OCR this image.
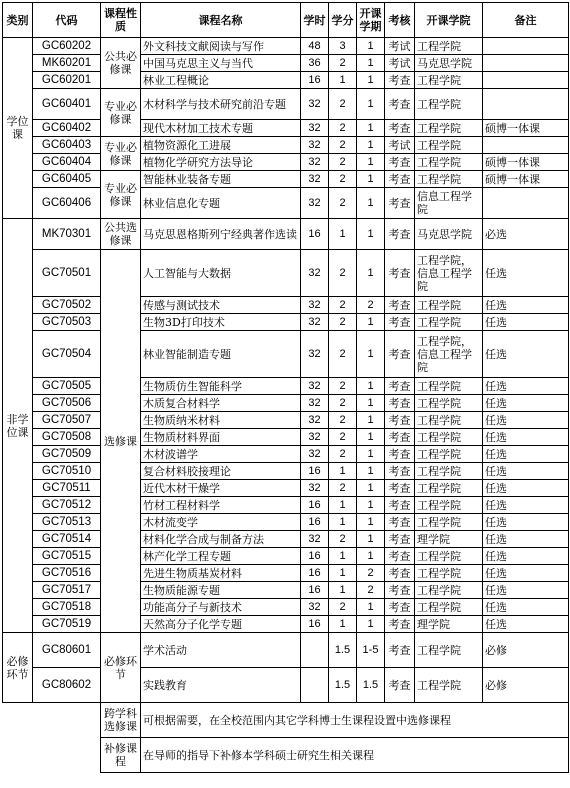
类别	代码	课程性质	课程名称	学时	学分	开课学期	考核	开课学院	备注
学位课	GC60202	公共必修课	外文科技文献阅读与写作	48	3	1	考试	工程学院	
	MK60201		中国马克思主义与当代	36	2	1	考试	马克思学院	
	GC60201		林业工程概论	16	1	1	考查	工程学院	
	GC60401	专业必修课	木材科学与技术研究前沿专题	32	2	1	考查	工程学院	
	GC60402		现代木材加工技术专题	32	2	1	考查	工程学院	硕博一体课
	GC60403	专业必修课	植物资源化工进展	32	2	1	考试	工程学院	
	GC60404		植物化学研究方法导论	32	2	1	考查	工程学院	硕博一体课
	GC60405	专业必修课	智能林业装备专题	32	2	1	考查	工程学院	硕博一体课
	GC60406		林业信息化专题	32	2	1	考查	信息工程学院	
非学位课	MK70301	公共选修课	马克思恩格斯列宁经典著作选读	16	1	1	考查	马克思学院	必选
	GC70501	选修课	人工智能与大数据	32	2	1	考查	工程学院，信息工程学院	任选
	GC70502		传感与测试技术	32	2	2	考查	工程学院	任选
	GC70503		生物3D打印技术	32	2	1	考查	工程学院	任选
	GC70504		林业智能制造专题	32	2	1	考查	工程学院，信息工程学院	任选
	GC70505		生物质仿生智能科学	32	2	1	考查	工程学院	任选
	GC70506		木质复合材料学	32	2	1	考查	工程学院	任选
	GC70507		生物质纳米材料	32	2	1	考查	工程学院	任选
	GC70508		生物质材料界面	32	2	1	考查	工程学院	任选
	GC70509		木材波谱学	32	2	1	考查	工程学院	任选
	GC70510		复合材料胶接理论	16	1	1	考查	工程学院	任选
	GC70511		近代木材干燥学	32	2	1	考查	工程学院	任选
	GC70512		竹材工程材料学	16	1	1	考查	工程学院	任选
	GC70513		木材流变学	16	1	1	考查	工程学院	任选
	GC70514		材料化学合成与制备方法	32	2	1	考查	理学院	任选
	GC70515		林产化学工程专题	16	1	1	考查	工程学院	任选
	GC70516		先进生物质基炭材料	16	1	2	考查	工程学院	任选
	GC70517		生物质能源专题	16	1	2	考查	工程学院	任选
	GC70518		功能高分子与新技术	32	2	1	考查	工程学院	任选
	GC70519		天然高分子化学专题	16	1	1	考查	理学院	任选
必修环节	GC80601	必修环节	学术活动		1.5	1-5	考查	工程学院	必修
	GC80602		实践教育		1.5	1.5	考查	工程学院	必修
		跨学科选修课	可根据需要，在全校范围内其它学科博士生课程设置中选修课程						
		补修课程	在导师的指导下补修本学科硕士研究生相关课程						
